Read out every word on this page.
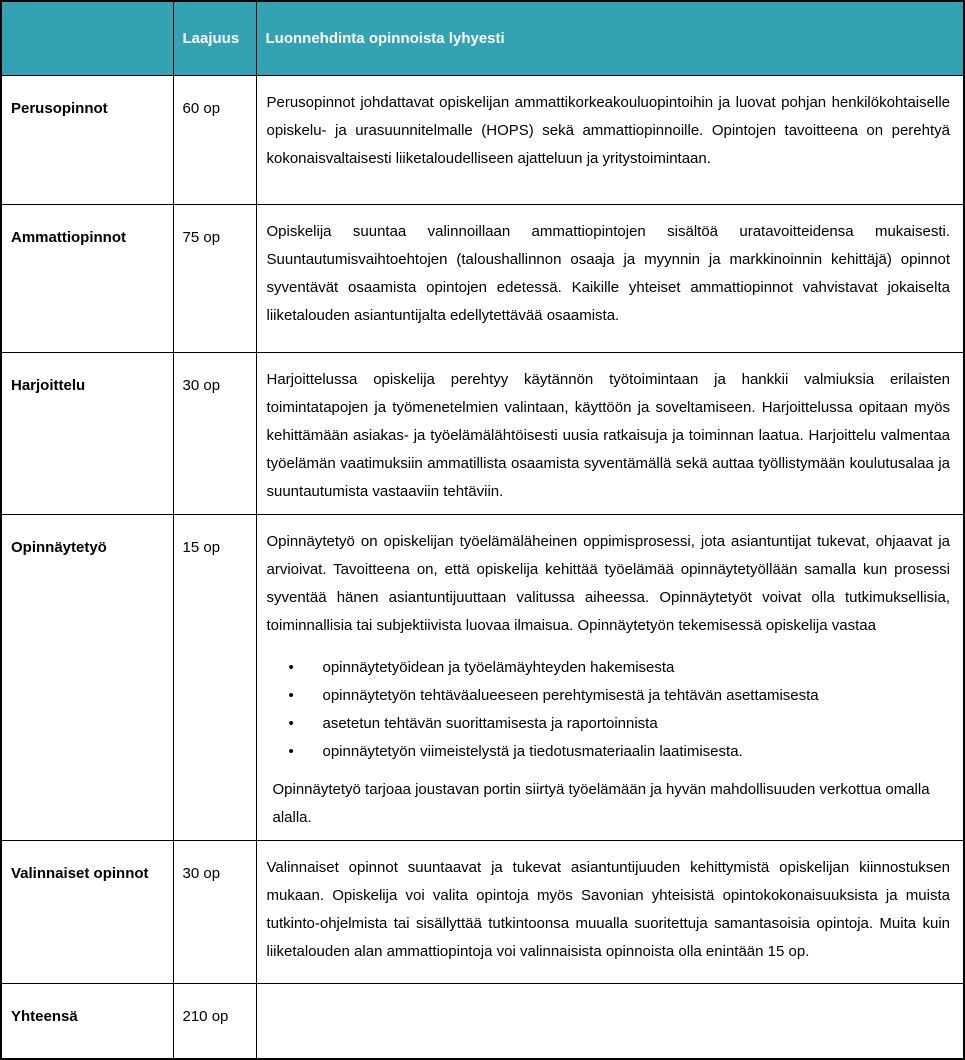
	Laajuus	Luonnehdinta opinnoista lyhyesti
Perusopinnot	60 op	Perusopinnot johdattavat opiskelijan ammattikorkeakouluopintoihin ja luovat pohjan henkilökohtaiselle opiskelu- ja urasuunnitelmalle (HOPS) sekä ammattiopinnoille. Opintojen tavoitteena on perehtyä kokonaisvaltaisesti liiketaloudelliseen ajatteluun ja yritystoimintaan.

Ammattiopinnot	75 op	Opiskelija suuntaa valinnoillaan ammattiopintojen sisältöä uratavoitteidensa mukaisesti. Suuntautumisvaihtoehtojen (taloushallinnon osaaja ja myynnin ja markkinoinnin kehittäjä) opinnot syventävät osaamista opintojen edetessä. Kaikille yhteiset ammattiopinnot vahvistavat jokaiselta liiketalouden asiantuntijalta edellytettävää osaamista.

Harjoittelu	30 op	Harjoittelussa opiskelija perehtyy käytännön työtoimintaan ja hankkii valmiuksia erilaisten toimintatapojen ja työmenetelmien valintaan, käyttöön ja soveltamiseen. Harjoittelussa opitaan myös kehittämään asiakas- ja työelämälähtöisesti uusia ratkaisuja ja toiminnan laatua. Harjoittelu valmentaa työelämän vaatimuksiin ammatillista osaamista syventämällä sekä auttaa työllistymään koulutusalaa ja suuntautumista vastaaviin tehtäviin.

Opinnäytetyö	15 op	Opinnäytetyö on opiskelijan työelämäläheinen oppimisprosessi, jota asiantuntijat tukevat, ohjaavat ja arvioivat. Tavoitteena on, että opiskelija kehittää työelämää opinnäytetyöllään samalla kun prosessi syventää hänen asiantuntijuuttaan valitussa aiheessa. Opinnäytetyöt voivat olla tutkimuksellisia, toiminnallisia tai subjektiivista luovaa ilmaisua. Opinnäytetyön tekemisessä opiskelija vastaa

• opinnäytetyöidean ja työelämäyhteyden hakemisesta
• opinnäytetyön tehtäväalueeseen perehtymisestä ja tehtävän asettamisesta
• asetetun tehtävän suorittamisesta ja raportoinnista
• opinnäytetyön viimeistelystä ja tiedotusmateriaalin laatimisesta.

Opinnäytetyö tarjoaa joustavan portin siirtyä työelämään ja hyvän mahdollisuuden verkottua omalla alalla.

Valinnaiset opinnot	30 op	Valinnaiset opinnot suuntaavat ja tukevat asiantuntijuuden kehittymistä opiskelijan kiinnostuksen mukaan. Opiskelija voi valita opintoja myös Savonian yhteisistä opintokokonaisuuksista ja muista tutkinto-ohjelmista tai sisällyttää tutkintoonsa muualla suoritettuja samantasoisia opintoja. Muita kuin liiketalouden alan ammattiopintoja voi valinnaisista opinnoista olla enintään 15 op.

Yhteensä	210 op	
